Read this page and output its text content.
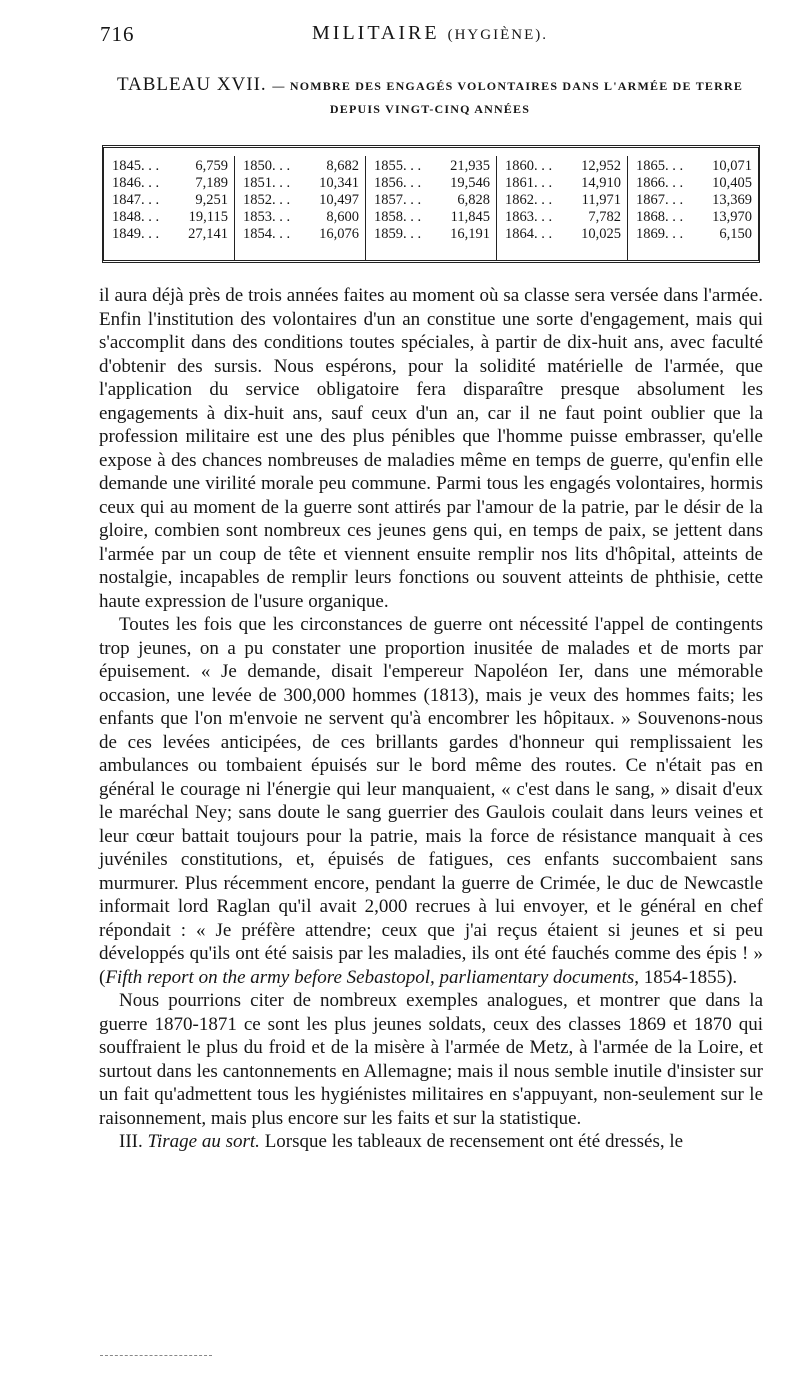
716	MILITAIRE (HYGIÈNE).
TABLEAU XVII. — NOMBRE DES ENGAGÉS VOLONTAIRES DANS L'ARMÉE DE TERRE
DEPUIS VINGT-CINQ ANNÉES
1845. . .	6,759
1846. . .	7,189
1847. . .	9,251
1848. . . 19,115
1849. . . 27,141
1850. . .	8,682
1851. . . 10,341
1852. . . 10,497
1853. . .	8,600
1854. . . 16,076
1855. . . 21,935
1856. . . 19,546
1857. . .	6,828
1858. . . 11,845
1859. . . 16,191
1860. . . 12,952
1861. . . 14,910
1862. . . 11,971
1863. . .	7,782
1864. . . 10,025
1865. . . 10,071
1866. . . 10,405
1867. . . 13,369
1868. . . 13,970
1869. . .	6,150

il aura déjà près de trois années faites au moment où sa classe sera versée dans l'armée. Enfin l'institution des volontaires d'un an constitue une sorte d'engagement, mais qui s'accomplit dans des conditions toutes spéciales, à partir de dix-huit ans, avec faculté d'obtenir des sursis. Nous espérons, pour la solidité matérielle de l'armée, que l'application du service obligatoire fera disparaître presque absolument les engagements à dix-huit ans, sauf ceux d'un an, car il ne faut point oublier que la profession militaire est une des plus pénibles que l'homme puisse embrasser, qu'elle expose à des chances nombreuses de maladies même en temps de guerre, qu'enfin elle demande une virilité morale peu commune. Parmi tous les engagés volontaires, hormis ceux qui au moment de la guerre sont attirés par l'amour de la patrie, par le désir de la gloire, combien sont nombreux ces jeunes gens qui, en temps de paix, se jettent dans l'armée par un coup de tête et viennent ensuite remplir nos lits d'hôpital, atteints de nostalgie, incapables de remplir leurs fonctions ou souvent atteints de phthisie, cette haute expression de l'usure organique.

Toutes les fois que les circonstances de guerre ont nécessité l'appel de contingents trop jeunes, on a pu constater une proportion inusitée de malades et de morts par épuisement. « Je demande, disait l'empereur Napoléon Ier, dans une mémorable occasion, une levée de 300,000 hommes (1813), mais je veux des hommes faits; les enfants que l'on m'envoie ne servent qu'à encombrer les hôpitaux. » Souvenons-nous de ces levées anticipées, de ces brillants gardes d'honneur qui remplissaient les ambulances ou tombaient épuisés sur le bord même des routes. Ce n'était pas en général le courage ni l'énergie qui leur manquaient, « c'est dans le sang, » disait d'eux le maréchal Ney; sans doute le sang guerrier des Gaulois coulait dans leurs veines et leur cœur battait toujours pour la patrie, mais la force de résistance manquait à ces juvéniles constitutions, et, épuisés de fatigues, ces enfants succombaient sans murmurer. Plus récemment encore, pendant la guerre de Crimée, le duc de Newcastle informait lord Raglan qu'il avait 2,000 recrues à lui envoyer, et le général en chef répondait : « Je préfère attendre; ceux que j'ai reçus étaient si jeunes et si peu développés qu'ils ont été saisis par les maladies, ils ont été fauchés comme des épis ! » (Fifth report on the army before Sebastopol, parliamentary documents, 1854-1855).

Nous pourrions citer de nombreux exemples analogues, et montrer que dans la guerre 1870-1871 ce sont les plus jeunes soldats, ceux des classes 1869 et 1870 qui souffraient le plus du froid et de la misère à l'armée de Metz, à l'armée de la Loire, et surtout dans les cantonnements en Allemagne; mais il nous semble inutile d'insister sur un fait qu'admettent tous les hygiénistes militaires en s'appuyant, non-seulement sur le raisonnement, mais plus encore sur les faits et sur la statistique.

III. Tirage au sort. Lorsque les tableaux de recensement ont été dressés, le
